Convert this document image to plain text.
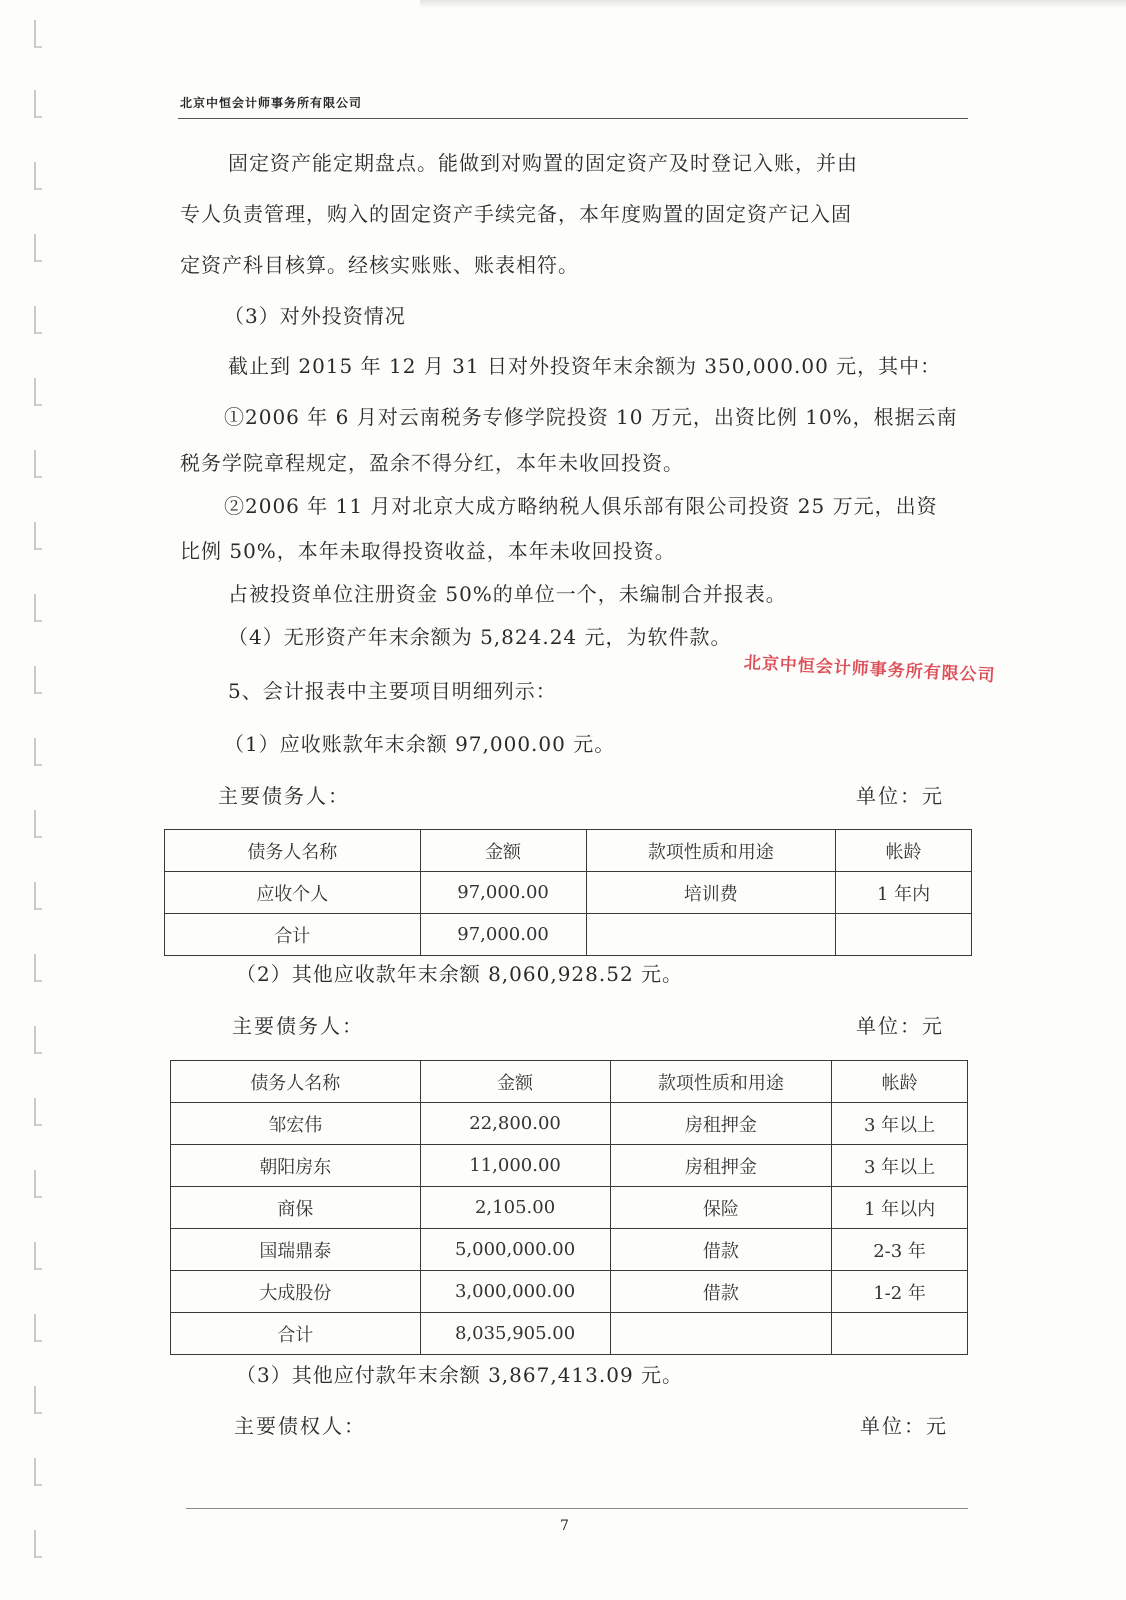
北京中恒会计师事务所有限公司
固定资产能定期盘点。能做到对购置的固定资产及时登记入账，并由
专人负责管理，购入的固定资产手续完备，本年度购置的固定资产记入固
定资产科目核算。经核实账账、账表相符。
（3）对外投资情况
截止到 2015 年 12 月 31 日对外投资年末余额为 350,000.00 元，其中：
①2006 年 6 月对云南税务专修学院投资 10 万元，出资比例 10%，根据云南
税务学院章程规定，盈余不得分红，本年未收回投资。
②2006 年 11 月对北京大成方略纳税人俱乐部有限公司投资 25 万元，出资
比例 50%，本年未取得投资收益，本年未收回投资。
占被投资单位注册资金 50%的单位一个，未编制合并报表。
（4）无形资产年末余额为 5,824.24 元，为软件款。
北京中恒会计师事务所有限公司
5、会计报表中主要项目明细列示：
（1）应收账款年末余额 97,000.00 元。
主要债务人：	单位：元
债务人名称	金额	款项性质和用途	帐龄
应收个人	97,000.00	培训费	1 年内
合计	97,000.00		
（2）其他应收款年末余额 8,060,928.52 元。
主要债务人：	单位：元
债务人名称	金额	款项性质和用途	帐龄
邹宏伟	22,800.00	房租押金	3 年以上
朝阳房东	11,000.00	房租押金	3 年以上
商保	2,105.00	保险	1 年以内
国瑞鼎泰	5,000,000.00	借款	2-3 年
大成股份	3,000,000.00	借款	1-2 年
合计	8,035,905.00		
（3）其他应付款年末余额 3,867,413.09 元。
主要债权人：	单位：元
7
